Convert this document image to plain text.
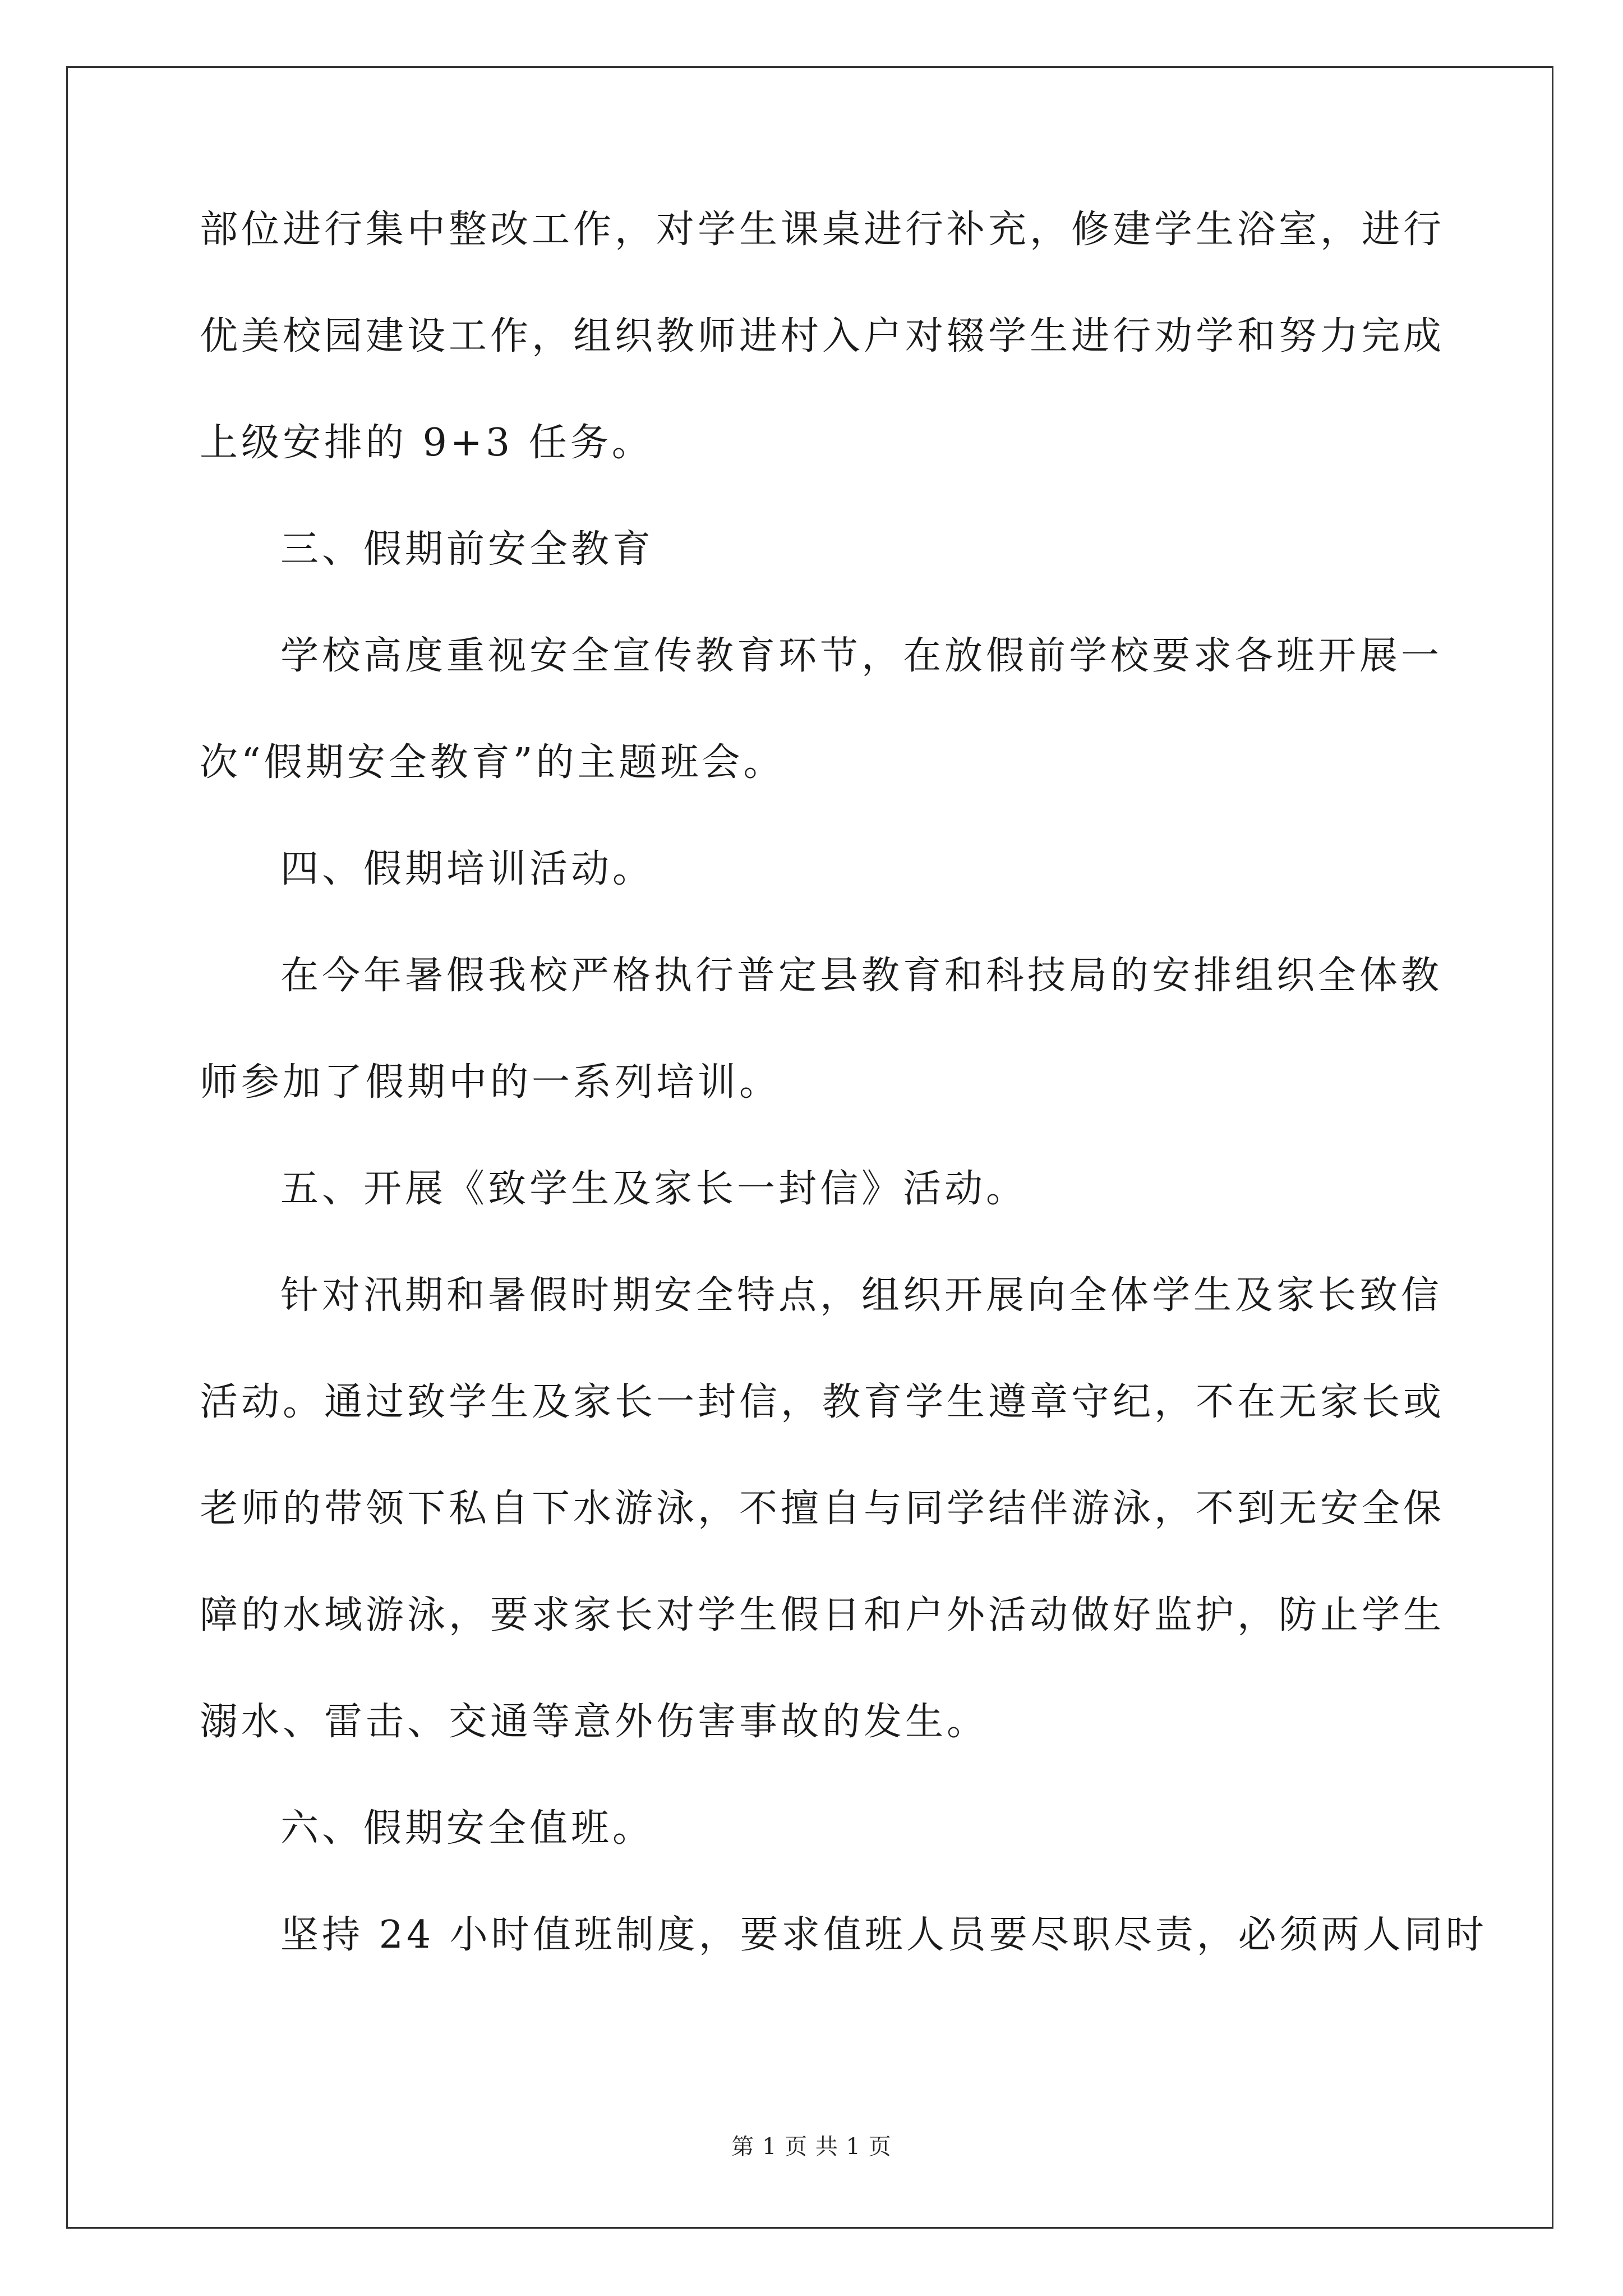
部位进行集中整改工作，对学生课桌进行补充，修建学生浴室，进行
优美校园建设工作，组织教师进村入户对辍学生进行劝学和努力完成
上级安排的 9+3 任务。
三、假期前安全教育
学校高度重视安全宣传教育环节，在放假前学校要求各班开展一
次“假期安全教育”的主题班会。
四、假期培训活动。
在今年暑假我校严格执行普定县教育和科技局的安排组织全体教
师参加了假期中的一系列培训。
五、开展《致学生及家长一封信》活动。
针对汛期和暑假时期安全特点，组织开展向全体学生及家长致信
活动。通过致学生及家长一封信，教育学生遵章守纪，不在无家长或
老师的带领下私自下水游泳，不擅自与同学结伴游泳，不到无安全保
障的水域游泳，要求家长对学生假日和户外活动做好监护，防止学生
溺水、雷击、交通等意外伤害事故的发生。
六、假期安全值班。
坚持 24 小时值班制度，要求值班人员要尽职尽责，必须两人同时
第 1 页 共 1 页
